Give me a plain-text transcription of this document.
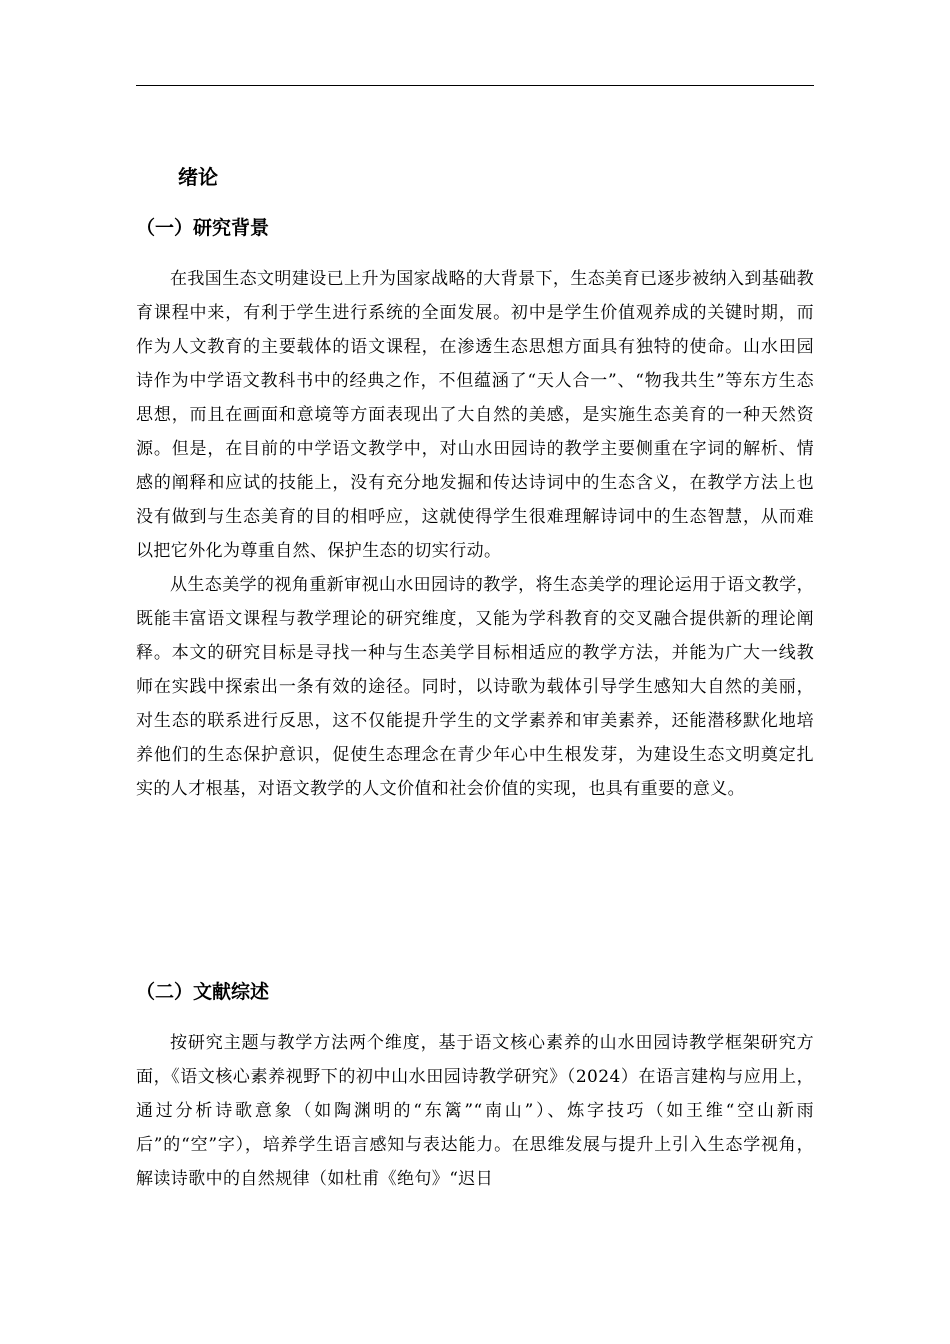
绪论
（一）研究背景

在我国生态文明建设已上升为国家战略的大背景下，生态美育已逐步被纳入到基础教育课程中来，有利于学生进行系统的全面发展。初中是学生价值观养成的关键时期，而作为人文教育的主要载体的语文课程，在渗透生态思想方面具有独特的使命。山水田园诗作为中学语文教科书中的经典之作，不但蕴涵了“天人合一”、“物我共生”等东方生态思想，而且在画面和意境等方面表现出了大自然的美感，是实施生态美育的一种天然资源。但是，在目前的中学语文教学中，对山水田园诗的教学主要侧重在字词的解析、情感的阐释和应试的技能上，没有充分地发掘和传达诗词中的生态含义，在教学方法上也没有做到与生态美育的目的相呼应，这就使得学生很难理解诗词中的生态智慧，从而难以把它外化为尊重自然、保护生态的切实行动。

从生态美学的视角重新审视山水田园诗的教学，将生态美学的理论运用于语文教学，既能丰富语文课程与教学理论的研究维度，又能为学科教育的交叉融合提供新的理论阐释。本文的研究目标是寻找一种与生态美学目标相适应的教学方法，并能为广大一线教师在实践中探索出一条有效的途径。同时，以诗歌为载体引导学生感知大自然的美丽，对生态的联系进行反思，这不仅能提升学生的文学素养和审美素养，还能潜移默化地培养他们的生态保护意识，促使生态理念在青少年心中生根发芽，为建设生态文明奠定扎实的人才根基，对语文教学的人文价值和社会价值的实现，也具有重要的意义。

（二）文献综述

按研究主题与教学方法两个维度，基于语文核心素养的山水田园诗教学框架研究方面，《语文核心素养视野下的初中山水田园诗教学研究》（2024）在语言建构与应用上，通过分析诗歌意象（如陶渊明的“东篱”“南山”）、炼字技巧（如王维“空山新雨后”的“空”字），培养学生语言感知与表达能力。在思维发展与提升上引入生态学视角，解读诗歌中的自然规律（如杜甫《绝句》“迟日
